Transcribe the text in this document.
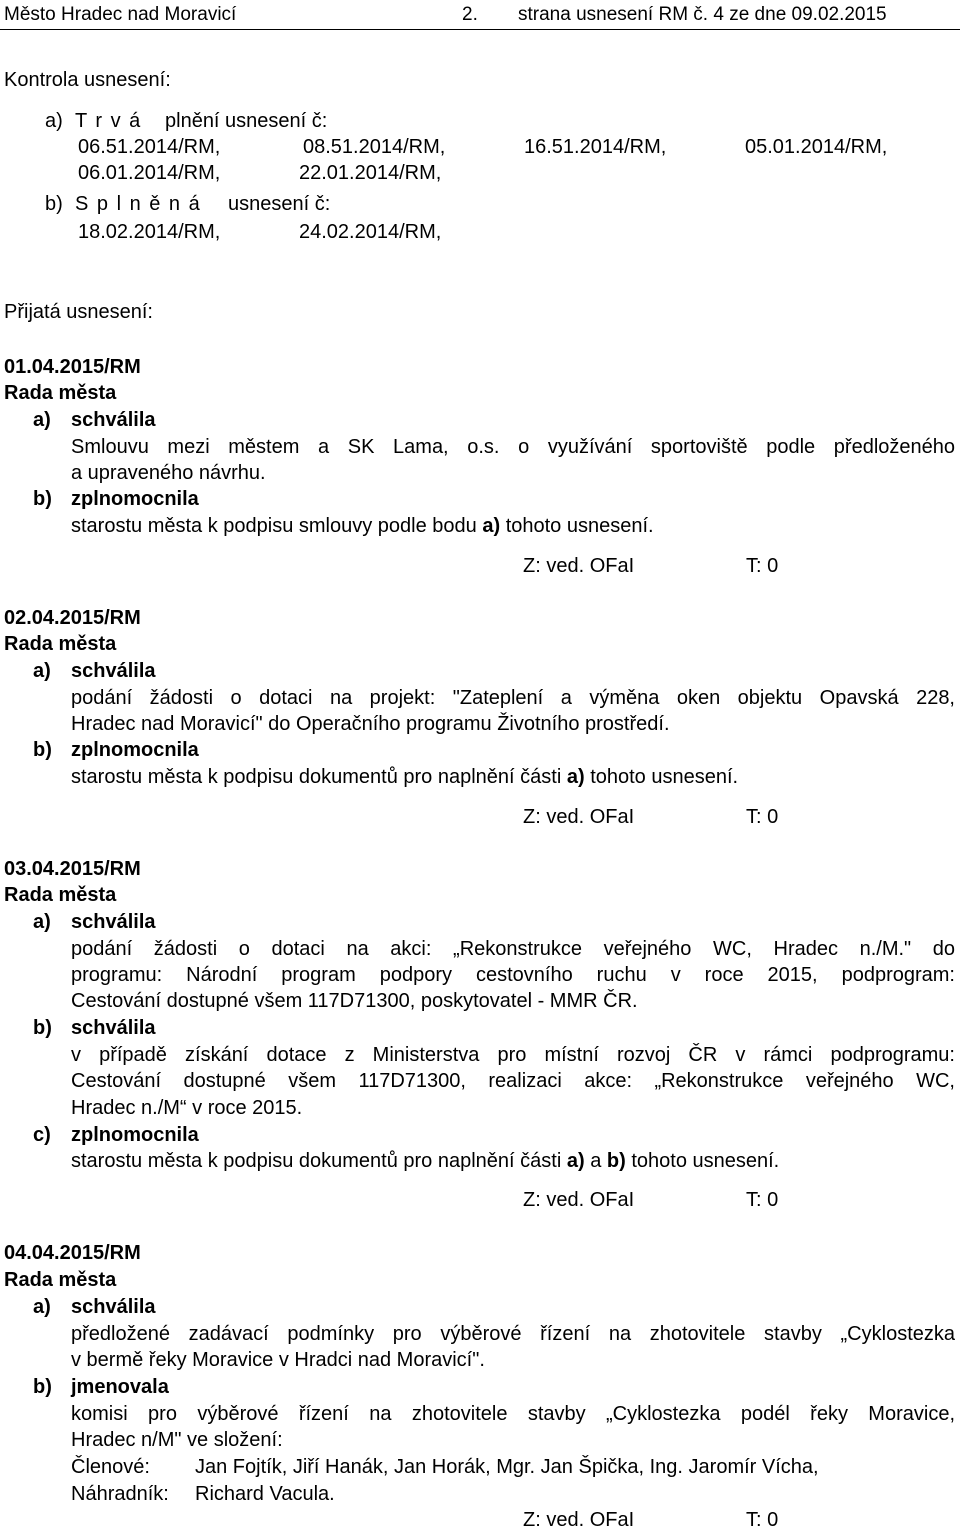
Město Hradec nad Moravicí	2. strana usnesení RM č. 4 ze dne 09.02.2015
Kontrola usnesení:
a) T r v á plnění usnesení č:
06.51.2014/RM,	08.51.2014/RM,	16.51.2014/RM,	05.01.2014/RM,
06.01.2014/RM,	22.01.2014/RM,
b) S p l n ě n á usnesení č:
18.02.2014/RM,	24.02.2014/RM,
Přijatá usnesení:
01.04.2015/RM
Rada města
a) schválila
Smlouvu mezi městem a SK Lama, o.s. o využívání sportoviště podle předloženého
a upraveného návrhu.
b) zplnomocnila
starostu města k podpisu smlouvy podle bodu a) tohoto usnesení.
Z: ved. OFaI	T: 0
02.04.2015/RM
Rada města
a) schválila
podání žádosti o dotaci na projekt: "Zateplení a výměna oken objektu Opavská 228,
Hradec nad Moravicí" do Operačního programu Životního prostředí.
b) zplnomocnila
starostu města k podpisu dokumentů pro naplnění části a) tohoto usnesení.
Z: ved. OFaI	T: 0
03.04.2015/RM
Rada města
a) schválila
podání žádosti o dotaci na akci: „Rekonstrukce veřejného WC, Hradec n./M." do
programu: Národní program podpory cestovního ruchu v roce 2015, podprogram:
Cestování dostupné všem 117D71300, poskytovatel - MMR ČR.
b) schválila
v případě získání dotace z Ministerstva pro místní rozvoj ČR v rámci podprogramu:
Cestování dostupné všem 117D71300, realizaci akce: „Rekonstrukce veřejného WC,
Hradec n./M“ v roce 2015.
c) zplnomocnila
starostu města k podpisu dokumentů pro naplnění části a) a b) tohoto usnesení.
Z: ved. OFaI	T: 0
04.04.2015/RM
Rada města
a) schválila
předložené zadávací podmínky pro výběrové řízení na zhotovitele stavby „Cyklostezka
v bermě řeky Moravice v Hradci nad Moravicí".
b) jmenovala
komisi pro výběrové řízení na zhotovitele stavby „Cyklostezka podél řeky Moravice,
Hradec n/M" ve složení:
Členové: Jan Fojtík, Jiří Hanák, Jan Horák, Mgr. Jan Špička, Ing. Jaromír Vícha,
Náhradník: Richard Vacula.
Z: ved. OFaI	T: 0
